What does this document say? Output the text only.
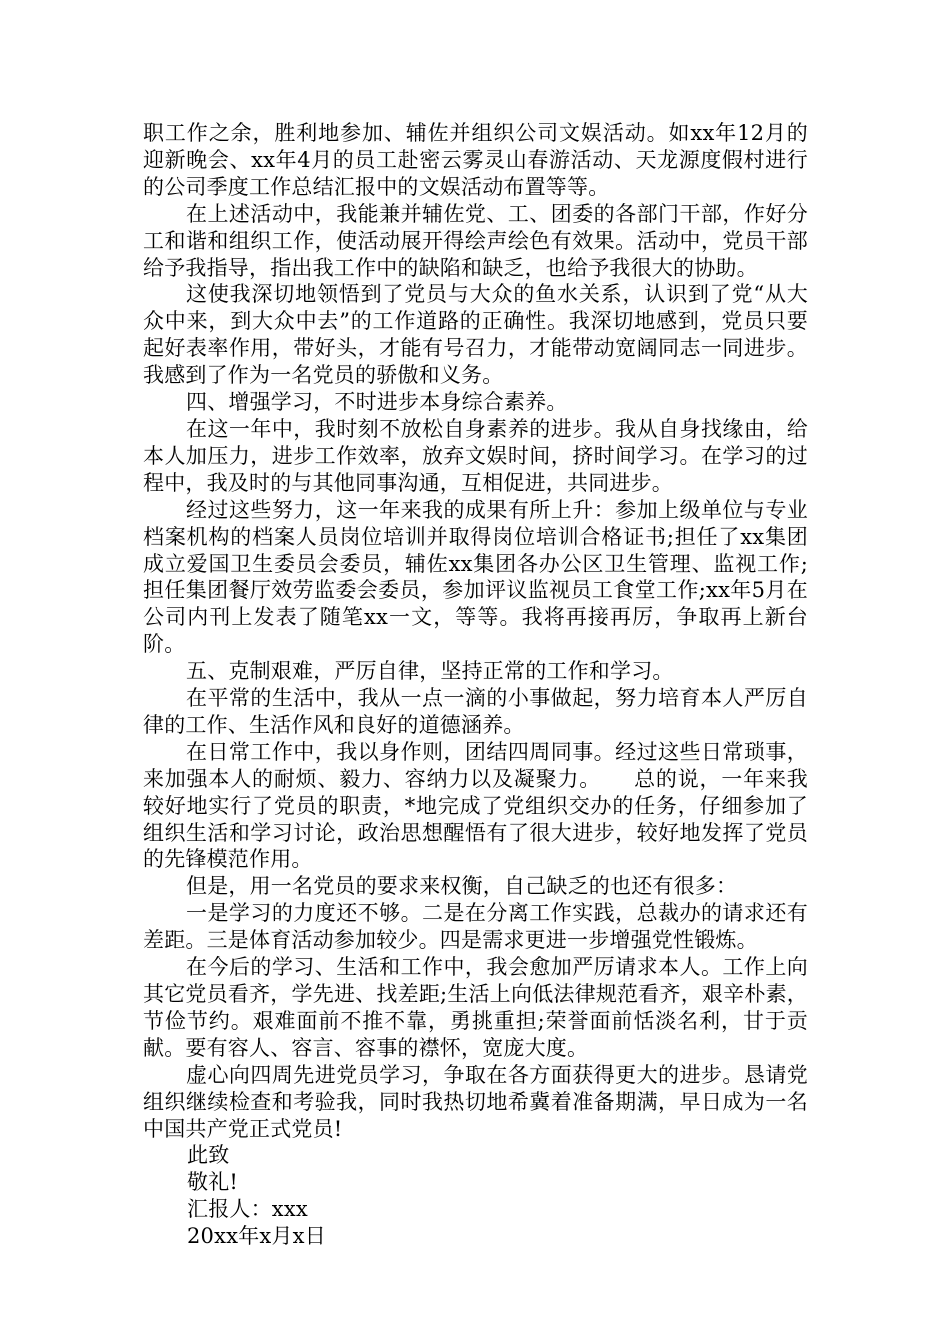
职工作之余，胜利地参加、辅佐并组织公司文娱活动。如xx年12月的迎新晚会、xx年4月的员工赴密云雾灵山春游活动、天龙源度假村进行的公司季度工作总结汇报中的文娱活动布置等等。

在上述活动中，我能兼并辅佐党、工、团委的各部门干部，作好分工和谐和组织工作，使活动展开得绘声绘色有效果。活动中，党员干部给予我指导，指出我工作中的缺陷和缺乏，也给予我很大的协助。

这使我深切地领悟到了党员与大众的鱼水关系，认识到了党“从大众中来，到大众中去”的工作道路的正确性。我深切地感到，党员只要起好表率作用，带好头，才能有号召力，才能带动宽阔同志一同进步。我感到了作为一名党员的骄傲和义务。

四、增强学习，不时进步本身综合素养。

在这一年中，我时刻不放松自身素养的进步。我从自身找缘由，给本人加压力，进步工作效率，放弃文娱时间，挤时间学习。在学习的过程中，我及时的与其他同事沟通，互相促进，共同进步。

经过这些努力，这一年来我的成果有所上升：参加上级单位与专业档案机构的档案人员岗位培训并取得岗位培训合格证书;担任了xx集团成立爱国卫生委员会委员，辅佐xx集团各办公区卫生管理、监视工作;担任集团餐厅效劳监委会委员，参加评议监视员工食堂工作;xx年5月在公司内刊上发表了随笔xx一文，等等。我将再接再厉，争取再上新台阶。

五、克制艰难，严厉自律，坚持正常的工作和学习。

在平常的生活中，我从一点一滴的小事做起，努力培育本人严厉自律的工作、生活作风和良好的道德涵养。

在日常工作中，我以身作则，团结四周同事。经过这些日常琐事，来加强本人的耐烦、毅力、容纳力以及凝聚力。　　总的说，一年来我较好地实行了党员的职责，*地完成了党组织交办的任务，仔细参加了组织生活和学习讨论，政治思想醒悟有了很大进步，较好地发挥了党员的先锋模范作用。

但是，用一名党员的要求来权衡，自己缺乏的也还有很多：

一是学习的力度还不够。二是在分离工作实践，总裁办的请求还有差距。三是体育活动参加较少。四是需求更进一步增强党性锻炼。

在今后的学习、生活和工作中，我会愈加严厉请求本人。工作上向其它党员看齐，学先进、找差距;生活上向低法律规范看齐，艰辛朴素，节俭节约。艰难面前不推不靠，勇挑重担;荣誉面前恬淡名利，甘于贡献。要有容人、容言、容事的襟怀，宽庞大度。

虚心向四周先进党员学习，争取在各方面获得更大的进步。恳请党组织继续检查和考验我，同时我热切地希冀着准备期满，早日成为一名中国共产党正式党员!

此致

敬礼!

汇报人：xxx

20xx年x月x日
